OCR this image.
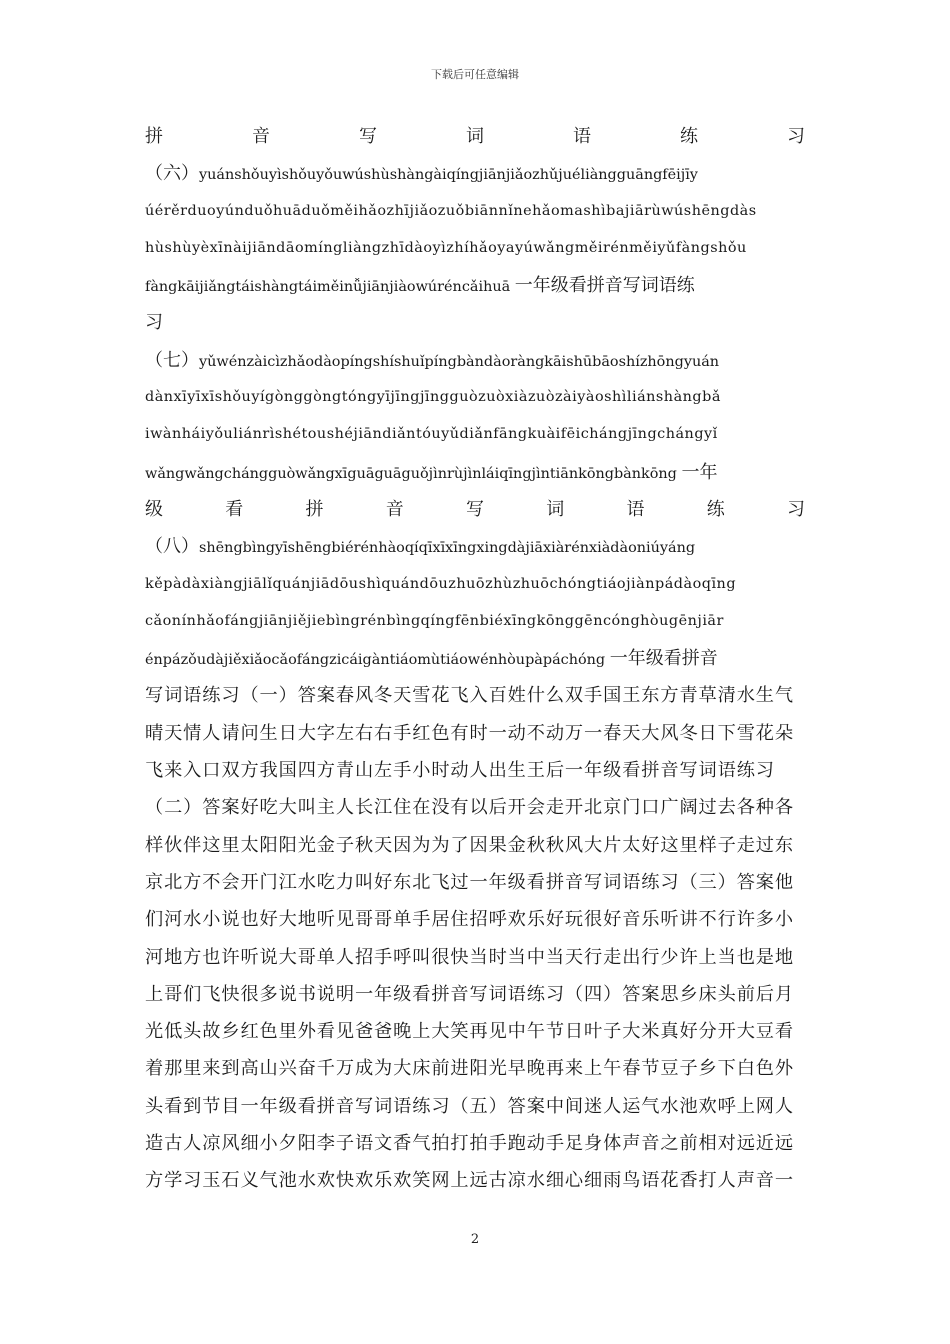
下载后可任意编辑
拼	音	写	词	语	练	习
（六）yuánshǒuyìshǒuyǒuwúshùshàngàiqíngjiānjiǎozhǔjuéliàngguāngfēijīy
úérěrduoyúnduǒhuāduǒměihǎozhījiǎozuǒbiānnǐnehǎomashìbajiārùwúshēngdàs
hùshùyèxīnàijiāndāomíngliàngzhīdàoyìzhíhǎoyayúwǎngměirénměiyǔfàngshǒu
fàngkāijiǎngtáishàngtáiměinǚjiānjiàowúréncǎihuā 一年级看拼音写词语练
习
（七）yǔwénzàicìzhǎodàopíngshíshuǐpíngbàndàoràngkāishūbāoshízhōngyuán
dànxīyīxīshǒuyígònggòngtóngyījīngjīngguòzuòxiàzuòzàiyàoshìliánshàngbǎ
iwànháiyǒuliánrìshétoushéjiāndiǎntóuyǔdiǎnfāngkuàifēichángjīngchángyǐ
wǎngwǎngchángguòwǎngxīguāguāguǒjìnrùjìnláiqīngjìntiānkōngbànkōng 一年
级	看	拼	音	写	词	语	练	习
（八）shēngbìngyīshēngbiérénhàoqíqīxīxīngxingdàjiāxiàrénxiàdàoniúyáng
kěpàdàxiàngjiālǐquánjiādōushìquándōuzhuōzhùzhuōchóngtiáojiànpádàoqīng
cǎonínhǎofángjiānjiějiebìngrénbìngqíngfēnbiéxīngkōnggēncónghòugēnjiār
énpázǒudàjiěxiǎocǎofángzicáigàntiáomùtiáowénhòupàpáchóng 一年级看拼音
写词语练习（一）答案春风冬天雪花飞入百姓什么双手国王东方青草清水生气
晴天情人请问生日大字左右右手红色有时一动不动万一春天大风冬日下雪花朵
飞来入口双方我国四方青山左手小时动人出生王后一年级看拼音写词语练习
（二）答案好吃大叫主人长江住在没有以后开会走开北京门口广阔过去各种各
样伙伴这里太阳阳光金子秋天因为为了因果金秋秋风大片太好这里样子走过东
京北方不会开门江水吃力叫好东北飞过一年级看拼音写词语练习（三）答案他
们河水小说也好大地听见哥哥单手居住招呼欢乐好玩很好音乐听讲不行许多小
河地方也许听说大哥单人招手呼叫很快当时当中当天行走出行少许上当也是地
上哥们飞快很多说书说明一年级看拼音写词语练习（四）答案思乡床头前后月
光低头故乡红色里外看见爸爸晚上大笑再见中午节日叶子大米真好分开大豆看
着那里来到高山兴奋千万成为大床前进阳光早晚再来上午春节豆子乡下白色外
头看到节目一年级看拼音写词语练习（五）答案中间迷人运气水池欢呼上网人
造古人凉风细小夕阳李子语文香气拍打拍手跑动手足身体声音之前相对远近远
方学习玉石义气池水欢快欢乐欢笑网上远古凉水细心细雨鸟语花香打人声音一
2
